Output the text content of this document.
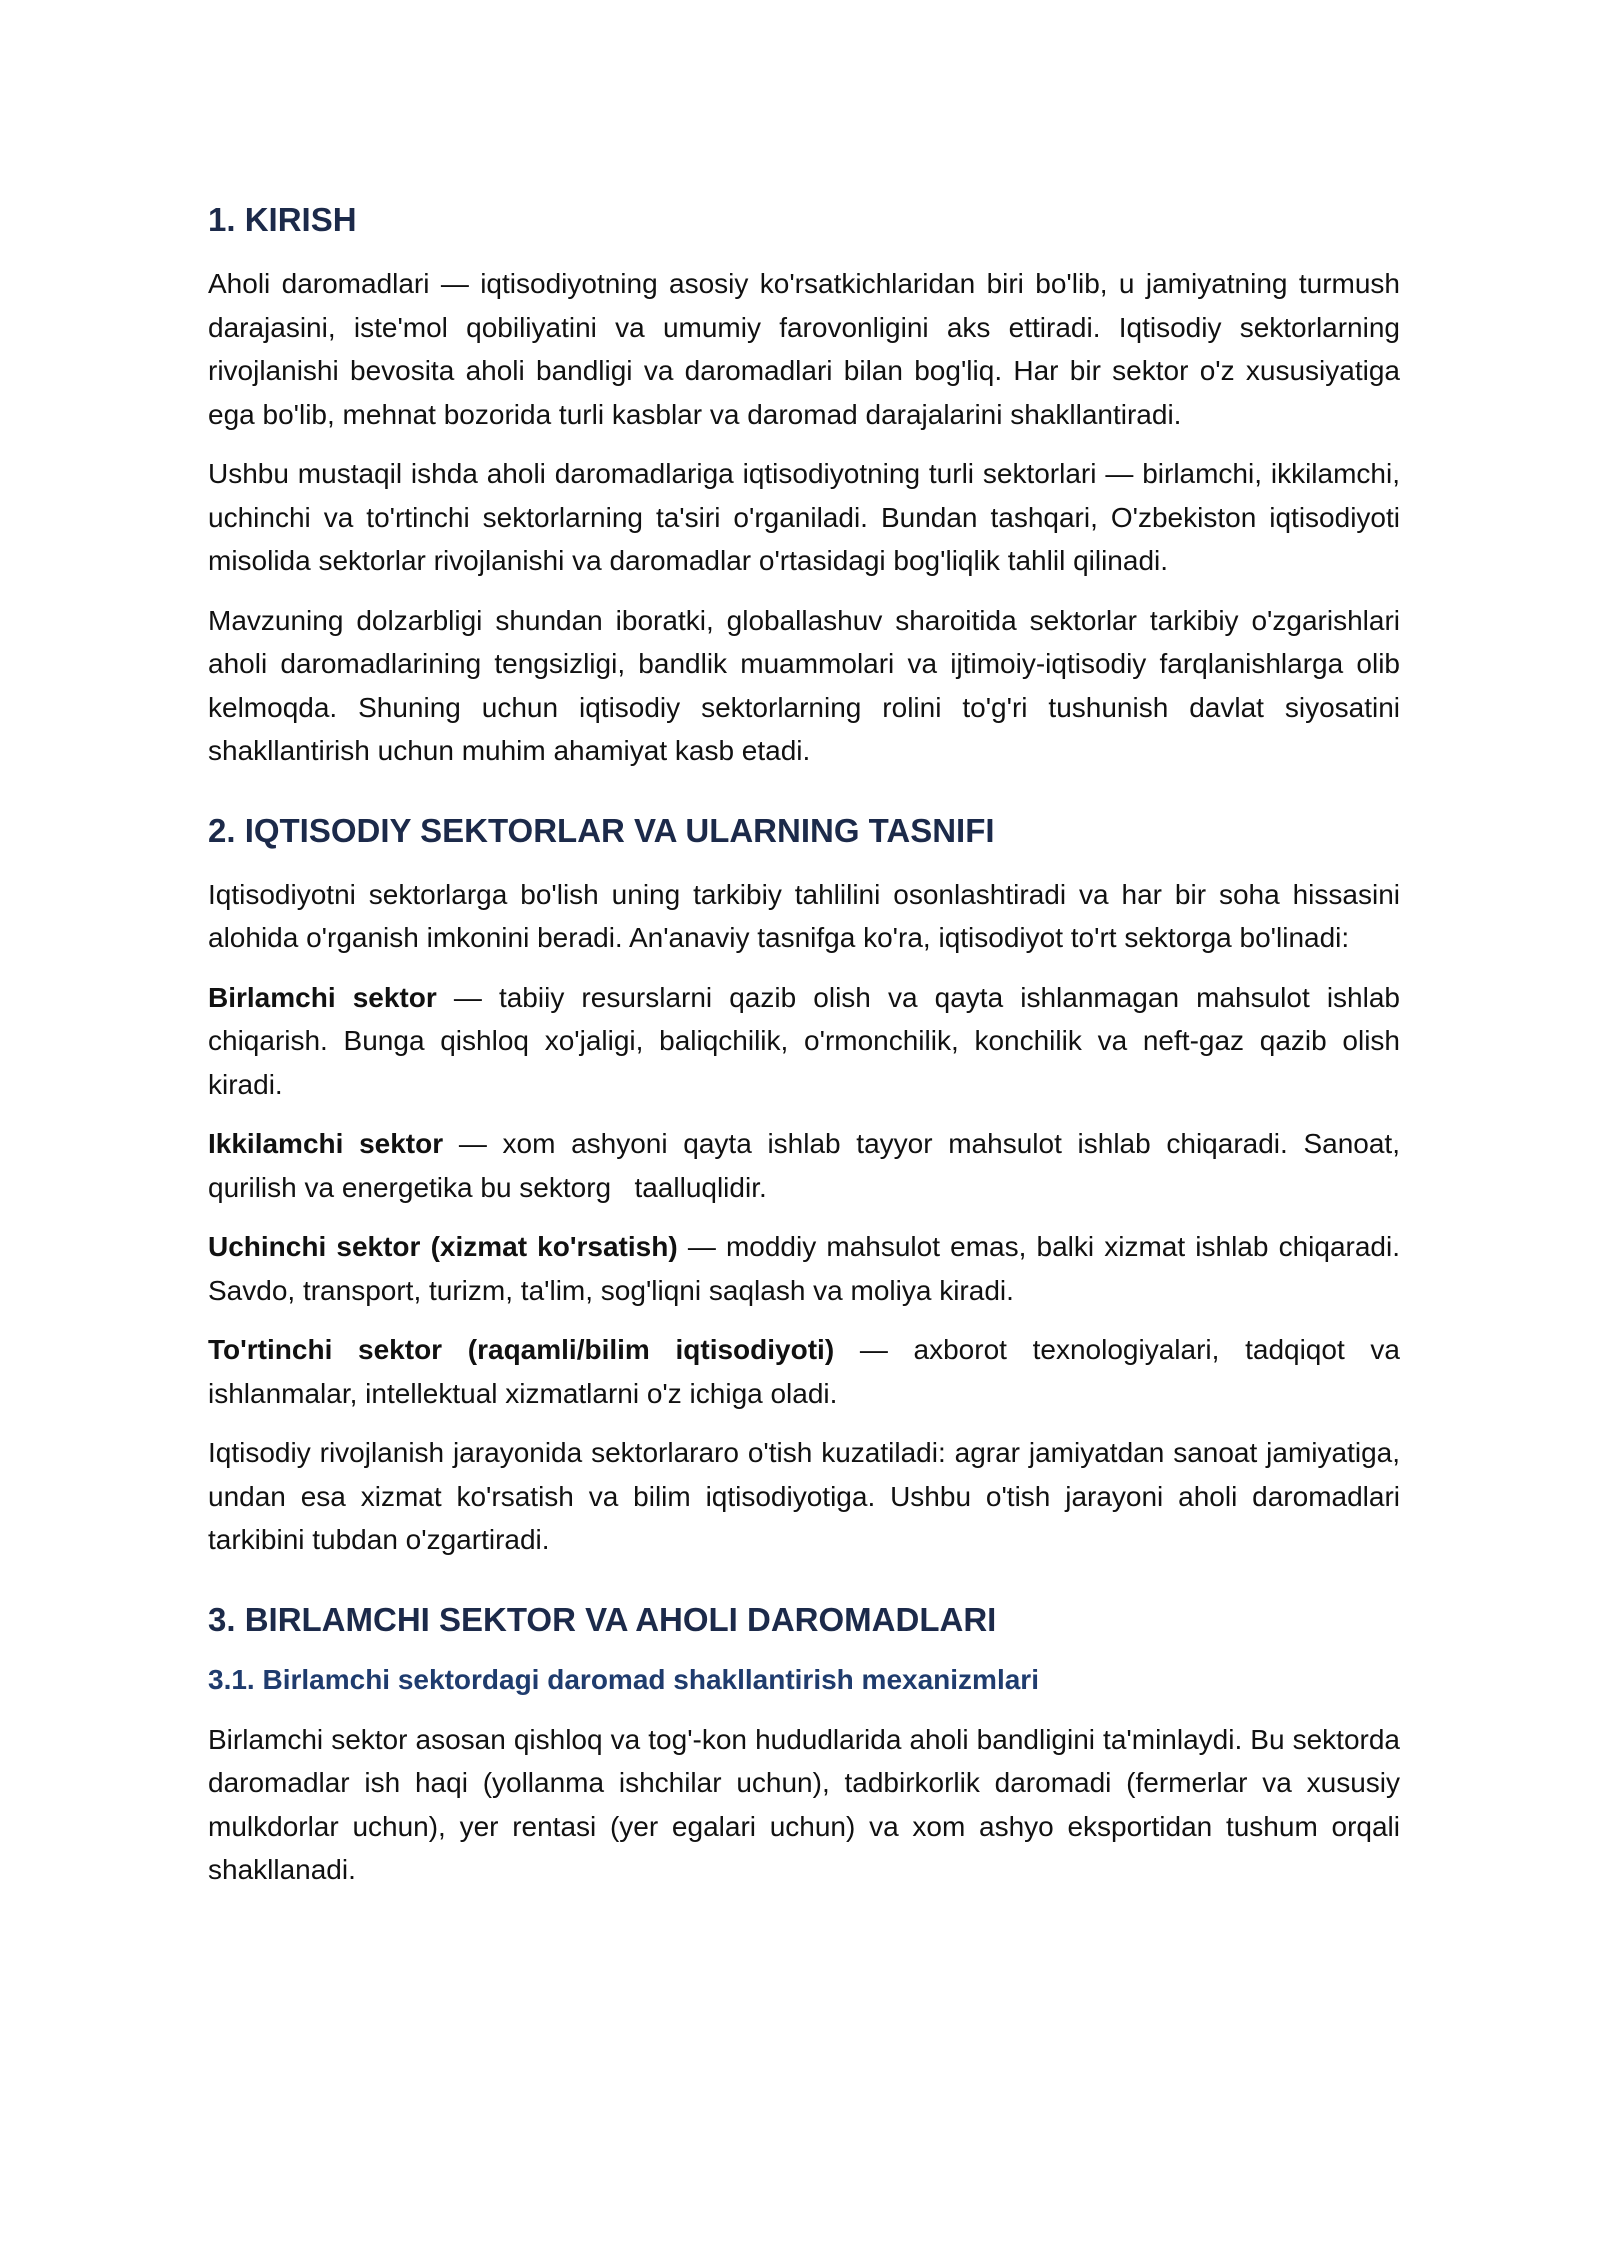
1. KIRISH

Aholi daromadlari — iqtisodiyotning asosiy ko'rsatkichlaridan biri bo'lib, u jamiyatning turmush darajasini, iste'mol qobiliyatini va umumiy farovonligini aks ettiradi. Iqtisodiy sektorlarning rivojlanishi bevosita aholi bandligi va daromadlari bilan bog'liq. Har bir sektor o'z xususiyatiga ega bo'lib, mehnat bozorida turli kasblar va daromad darajalarini shakllantiradi.

Ushbu mustaqil ishda aholi daromadlariga iqtisodiyotning turli sektorlari — birlamchi, ikkilamchi, uchinchi va to'rtinchi sektorlarning ta'siri o'rganiladi. Bundan tashqari, O'zbekiston iqtisodiyoti misolida sektorlar rivojlanishi va daromadlar o'rtasidagi bog'liqlik tahlil qilinadi.

Mavzuning dolzarbligi shundan iboratki, globallashuv sharoitida sektorlar tarkibiy o'zgarishlari aholi daromadlarining tengsizligi, bandlik muammolari va ijtimoiy-iqtisodiy farqlanishlarga olib kelmoqda. Shuning uchun iqtisodiy sektorlarning rolini to'g'ri tushunish davlat siyosatini shakllantirish uchun muhim ahamiyat kasb etadi.

2. IQTISODIY SEKTORLAR VA ULARNING TASNIFI

Iqtisodiyotni sektorlarga bo'lish uning tarkibiy tahlilini osonlashtiradi va har bir soha hissasini alohida o'rganish imkonini beradi. An'anaviy tasnifga ko'ra, iqtisodiyot to'rt sektorga bo'linadi:

Birlamchi sektor — tabiiy resurslarni qazib olish va qayta ishlanmagan mahsulot ishlab chiqarish. Bunga qishloq xo'jaligi, baliqchilik, o'rmonchilik, konchilik va neft-gaz qazib olish kiradi.

Ikkilamchi sektor — xom ashyoni qayta ishlab tayyor mahsulot ishlab chiqaradi. Sanoat, qurilish va energetika bu sektorg   taalluqlidir.

Uchinchi sektor (xizmat ko'rsatish) — moddiy mahsulot emas, balki xizmat ishlab chiqaradi. Savdo, transport, turizm, ta'lim, sog'liqni saqlash va moliya kiradi.

To'rtinchi sektor (raqamli/bilim iqtisodiyoti) — axborot texnologiyalari, tadqiqot va ishlanmalar, intellektual xizmatlarni o'z ichiga oladi.

Iqtisodiy rivojlanish jarayonida sektorlararo o'tish kuzatiladi: agrar jamiyatdan sanoat jamiyatiga, undan esa xizmat ko'rsatish va bilim iqtisodiyotiga. Ushbu o'tish jarayoni aholi daromadlari tarkibini tubdan o'zgartiradi.

3. BIRLAMCHI SEKTOR VA AHOLI DAROMADLARI
3.1. Birlamchi sektordagi daromad shakllantirish mexanizmlari

Birlamchi sektor asosan qishloq va tog'-kon hududlarida aholi bandligini ta'minlaydi. Bu sektorda daromadlar ish haqi (yollanma ishchilar uchun), tadbirkorlik daromadi (fermerlar va xususiy mulkdorlar uchun), yer rentasi (yer egalari uchun) va xom ashyo eksportidan tushum orqali shakllanadi.
